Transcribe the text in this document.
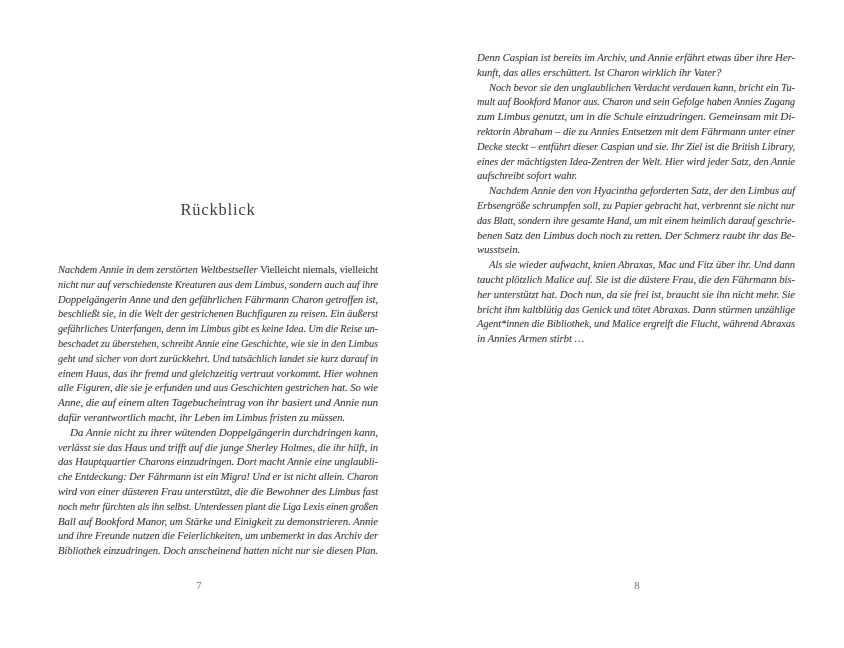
Rückblick
Nachdem Annie in dem zerstörten Weltbestseller Vielleicht niemals, vielleicht
nicht nur auf verschiedenste Kreaturen aus dem Limbus, sondern auch auf ihre
Doppelgängerin Anne und den gefährlichen Fährmann Charon getroffen ist,
beschließt sie, in die Welt der gestrichenen Buchfiguren zu reisen. Ein äußerst
gefährliches Unterfangen, denn im Limbus gibt es keine Idea. Um die Reise un-
beschadet zu überstehen, schreibt Annie eine Geschichte, wie sie in den Limbus
geht und sicher von dort zurückkehrt. Und tatsächlich landet sie kurz darauf in
einem Haus, das ihr fremd und gleichzeitig vertraut vorkommt. Hier wohnen
alle Figuren, die sie je erfunden und aus Geschichten gestrichen hat. So wie
Anne, die auf einem alten Tagebucheintrag von ihr basiert und Annie nun
dafür verantwortlich macht, ihr Leben im Limbus fristen zu müssen.
Da Annie nicht zu ihrer wütenden Doppelgängerin durchdringen kann,
verlässt sie das Haus und trifft auf die junge Sherley Holmes, die ihr hilft, in
das Hauptquartier Charons einzudringen. Dort macht Annie eine unglaubli-
che Entdeckung: Der Fährmann ist ein Migra! Und er ist nicht allein. Charon
wird von einer düsteren Frau unterstützt, die die Bewohner des Limbus fast
noch mehr fürchten als ihn selbst. Unterdessen plant die Liga Lexis einen großen
Ball auf Bookford Manor, um Stärke und Einigkeit zu demonstrieren. Annie
und ihre Freunde nutzen die Feierlichkeiten, um unbemerkt in das Archiv der
Bibliothek einzudringen. Doch anscheinend hatten nicht nur sie diesen Plan.
7
Denn Caspian ist bereits im Archiv, und Annie erfährt etwas über ihre Her-
kunft, das alles erschüttert. Ist Charon wirklich ihr Vater?
Noch bevor sie den unglaublichen Verdacht verdauen kann, bricht ein Tu-
mult auf Bookford Manor aus. Charon und sein Gefolge haben Annies Zugang
zum Limbus genutzt, um in die Schule einzudringen. Gemeinsam mit Di-
rektorin Abraham – die zu Annies Entsetzen mit dem Fährmann unter einer
Decke steckt – entführt dieser Caspian und sie. Ihr Ziel ist die British Library,
eines der mächtigsten Idea-Zentren der Welt. Hier wird jeder Satz, den Annie
aufschreibt sofort wahr.
Nachdem Annie den von Hyacintha geforderten Satz, der den Limbus auf
Erbsengröße schrumpfen soll, zu Papier gebracht hat, verbrennt sie nicht nur
das Blatt, sondern ihre gesamte Hand, um mit einem heimlich darauf geschrie-
benen Satz den Limbus doch noch zu retten. Der Schmerz raubt ihr das Be-
wusstsein.
Als sie wieder aufwacht, knien Abraxas, Mac und Fitz über ihr. Und dann
taucht plötzlich Malice auf. Sie ist die düstere Frau, die den Fährmann bis-
her unterstützt hat. Doch nun, da sie frei ist, braucht sie ihn nicht mehr. Sie
bricht ihm kaltblütig das Genick und tötet Abraxas. Dann stürmen unzählige
Agent*innen die Bibliothek, und Malice ergreift die Flucht, während Abraxas
in Annies Armen stirbt …
8
